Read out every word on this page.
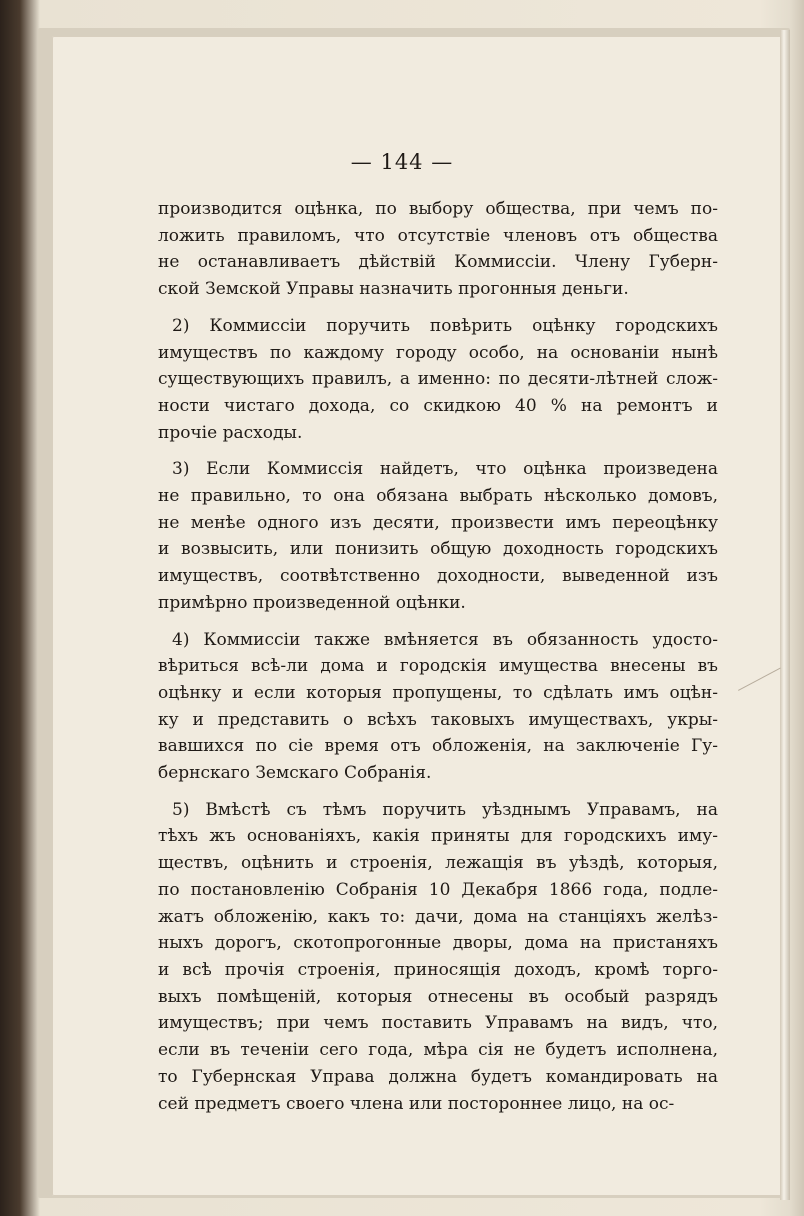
— 144 —
производится оцѣнка, по выбору общества, при чемъ по-
ложить правиломъ, что отсутствіе членовъ отъ общества
не останавливаетъ дѣйствій Коммиссіи. Члену Губерн-
ской Земской Управы назначить прогонныя деньги.
2) Коммиссіи поручить повѣрить оцѣнку городскихъ
имуществъ по каждому городу особо, на основаніи нынѣ
существующихъ правилъ, а именно: по десяти-лѣтней слож-
ности чистаго дохода, со скидкою 40 % на ремонтъ и
прочіе расходы.
3) Если Коммиссія найдетъ, что оцѣнка произведена
не правильно, то она обязана выбрать нѣсколько домовъ,
не менѣе одного изъ десяти, произвести имъ переоцѣнку
и возвысить, или понизить общую доходность городскихъ
имуществъ, соотвѣтственно доходности, выведенной изъ
примѣрно произведенной оцѣнки.
4) Коммиссіи также вмѣняется въ обязанность удосто-
вѣриться всѣ-ли дома и городскія имущества внесены въ
оцѣнку и если которыя пропущены, то сдѣлать имъ оцѣн-
ку и представить о всѣхъ таковыхъ имуществахъ, укры-
вавшихся по сіе время отъ обложенія, на заключеніе Гу-
бернскаго Земскаго Собранія.
5) Вмѣстѣ съ тѣмъ поручить уѣзднымъ Управамъ, на
тѣхъ жъ основаніяхъ, какія приняты для городскихъ иму-
ществъ, оцѣнить и строенія, лежащія въ уѣздѣ, которыя,
по постановленію Собранія 10 Декабря 1866 года, подле-
жатъ обложенію, какъ то: дачи, дома на станціяхъ желѣз-
ныхъ дорогъ, скотопрогонные дворы, дома на пристаняхъ
и всѣ прочія строенія, приносящія доходъ, кромѣ торго-
выхъ помѣщеній, которыя отнесены въ особый разрядъ
имуществъ; при чемъ поставить Управамъ на видъ, что,
если въ теченіи сего года, мѣра сія не будетъ исполнена,
то Губернская Управа должна будетъ командировать на
сей предметъ своего члена или постороннее лицо, на ос-
